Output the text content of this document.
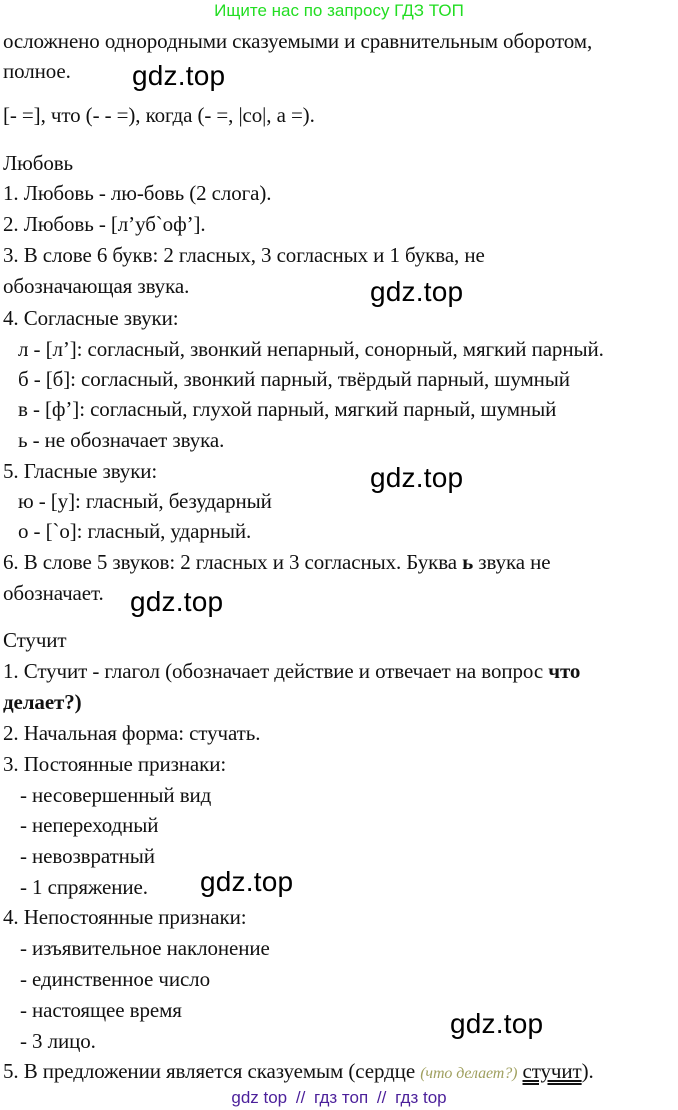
Ищите нас по запросу ГДЗ ТОП
осложнено однородными сказуемыми и сравнительным оборотом,
полное.
[- =], что (- - =), когда (- =, |со|, а =).
Любовь
1. Любовь - лю-бовь (2 слога).
2. Любовь - [л’уб`оф’].
3. В слове 6 букв: 2 гласных, 3 согласных и 1 буква, не
обозначающая звука.
4. Согласные звуки:
л - [л’]: согласный, звонкий непарный, сонорный, мягкий парный.
б - [б]: согласный, звонкий парный, твёрдый парный, шумный
в - [ф’]: согласный, глухой парный, мягкий парный, шумный
ь - не обозначает звука.
5. Гласные звуки:
ю - [у]: гласный, безударный
о - [`о]: гласный, ударный.
6. В слове 5 звуков: 2 гласных и 3 согласных. Буква ь звука не
обозначает.
Стучит
1. Стучит - глагол (обозначает действие и отвечает на вопрос что
делает?)
2. Начальная форма: стучать.
3. Постоянные признаки:
- несовершенный вид
- непереходный
- невозвратный
- 1 спряжение.
4. Непостоянные признаки:
- изъявительное наклонение
- единственное число
- настоящее время
- 3 лицо.
5. В предложении является сказуемым (сердце (что делает?) стучит).
gdz.top
gdz.top
gdz.top
gdz.top
gdz.top
gdz.top
gdz top // гдз топ // гдз top
